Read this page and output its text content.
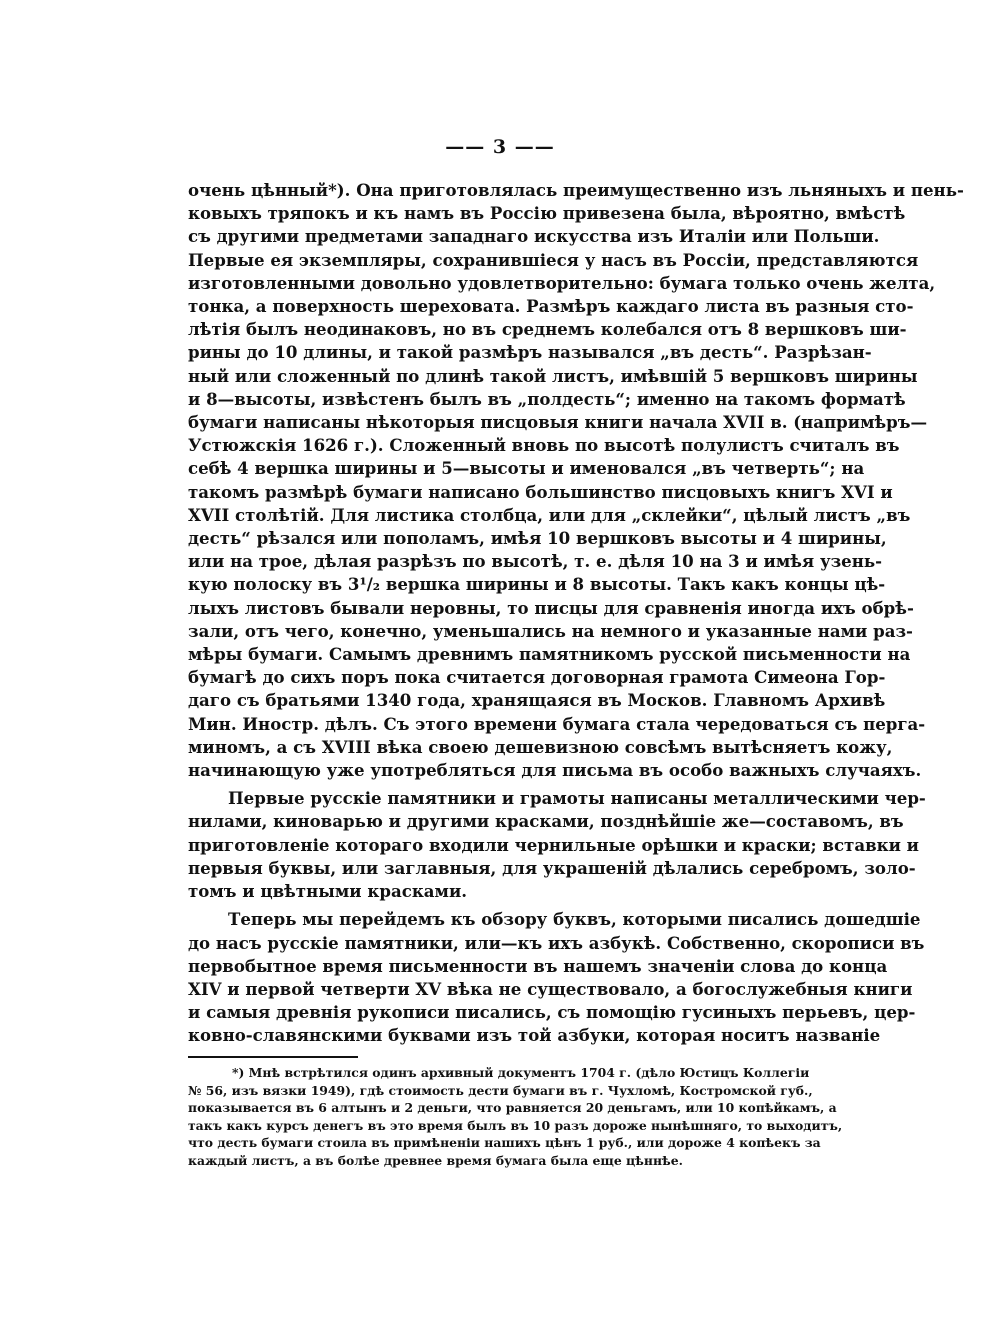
—— 3 ——
очень цѣнный*). Она приготовлялась преимущественно изъ льняныхъ и пень-
ковыхъ тряпокъ и къ намъ въ Россію привезена была, вѣроятно, вмѣстѣ
съ другими предметами западнаго искусства изъ Италіи или Польши.
Первые ея экземпляры, сохранившіеся у насъ въ Россіи, представляются
изготовленными довольно удовлетворительно: бумага только очень желта,
тонка, а поверхность шереховата. Размѣръ каждаго листа въ разныя сто-
лѣтія былъ неодинаковъ, но въ среднемъ колебался отъ 8 вершковъ ши-
рины до 10 длины, и такой размѣръ назывался „въ десть“. Разрѣзан-
ный или сложенный по длинѣ такой листъ, имѣвшій 5 вершковъ ширины
и 8—высоты, извѣстенъ былъ въ „полдесть“; именно на такомъ форматѣ
бумаги написаны нѣкоторыя писцовыя книги начала XVII в. (напримѣръ—
Устюжскія 1626 г.). Сложенный вновь по высотѣ полулистъ считалъ въ
себѣ 4 вершка ширины и 5—высоты и именовался „въ четверть“; на
такомъ размѣрѣ бумаги написано большинство писцовыхъ книгъ XVI и
XVII столѣтій. Для листика столбца, или для „склейки“, цѣлый листъ „въ
десть“ рѣзался или пополамъ, имѣя 10 вершковъ высоты и 4 ширины,
или на трое, дѣлая разрѣзъ по высотѣ, т. е. дѣля 10 на 3 и имѣя узень-
кую полоску въ 3¹/₂ вершка ширины и 8 высоты. Такъ какъ концы цѣ-
лыхъ листовъ бывали неровны, то писцы для сравненія иногда ихъ обрѣ-
зали, отъ чего, конечно, уменьшались на немного и указанные нами раз-
мѣры бумаги. Самымъ древнимъ памятникомъ русской письменности на
бумагѣ до сихъ поръ пока считается договорная грамота Симеона Гор-
даго съ братьями 1340 года, хранящаяся въ Москов. Главномъ Архивѣ
Мин. Иностр. дѣлъ. Съ этого времени бумага стала чередоваться съ перга-
миномъ, а съ XVIII вѣка своею дешевизною совсѣмъ вытѣсняетъ кожу,
начинающую уже употребляться для письма въ особо важныхъ случаяхъ.
Первые русскіе памятники и грамоты написаны металлическими чер-
нилами, киноварью и другими красками, позднѣйшіе же—составомъ, въ
приготовленіе котораго входили чернильные орѣшки и краски; вставки и
первыя буквы, или заглавныя, для украшеній дѣлались серебромъ, золо-
томъ и цвѣтными красками.
Теперь мы перейдемъ къ обзору буквъ, которыми писались дошедшіе
до насъ русскіе памятники, или—къ ихъ азбукѣ. Собственно, скорописи въ
первобытное время письменности въ нашемъ значеніи слова до конца
XIV и первой четверти XV вѣка не существовало, а богослужебныя книги
и самыя древнія рукописи писались, съ помощію гусиныхъ перьевъ, цер-
ковно-славянскими буквами изъ той азбуки, которая носитъ названіе
*) Мнѣ встрѣтился одинъ архивный документъ 1704 г. (дѣло Юстицъ Коллегіи
№ 56, изъ вязки 1949), гдѣ стоимость дести бумаги въ г. Чухломѣ, Костромской губ.,
показывается въ 6 алтынъ и 2 деньги, что равняется 20 деньгамъ, или 10 копѣйкамъ, а
такъ какъ курсъ денегъ въ это время былъ въ 10 разъ дороже нынѣшняго, то выходитъ,
что десть бумаги стоила въ примѣненіи нашихъ цѣнъ 1 руб., или дороже 4 копѣекъ за
каждый листъ, а въ болѣе древнее время бумага была еще цѣннѣе.
